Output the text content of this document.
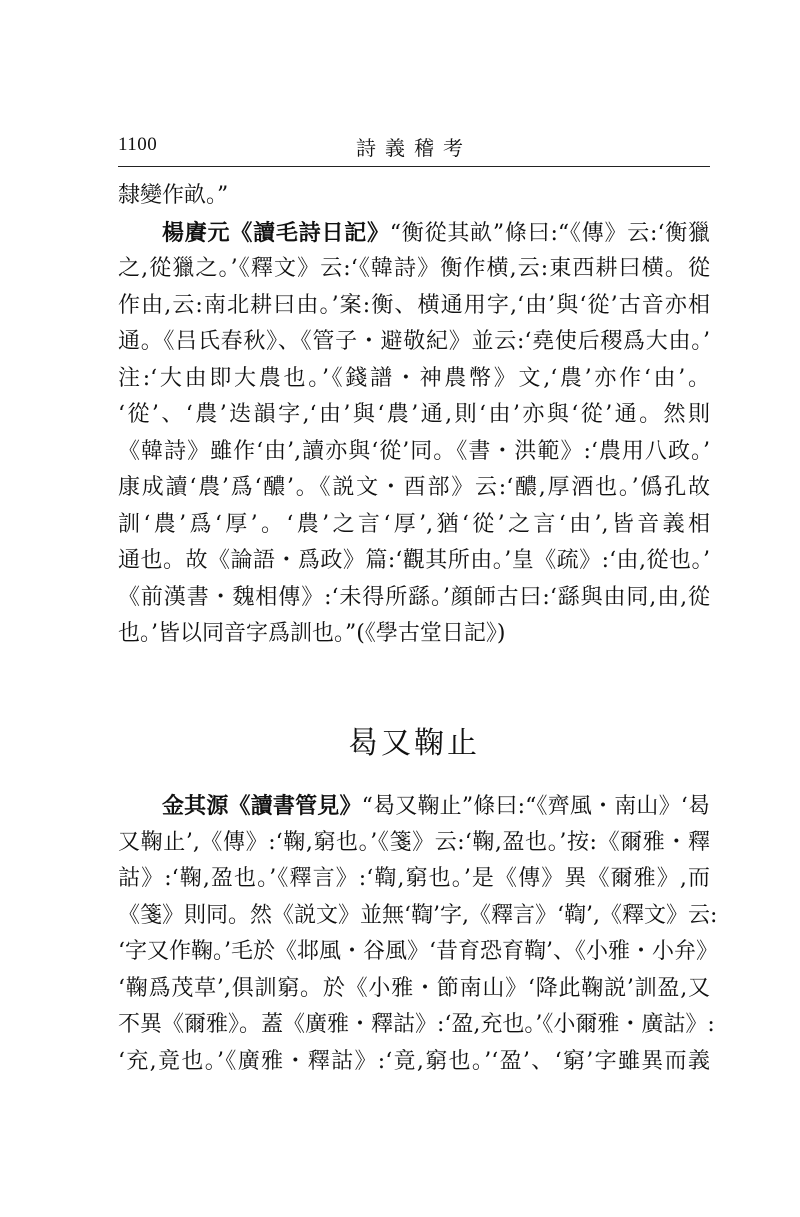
1100	詩義稽考
隸變作畝。”
楊賡元《讀毛詩日記》“衡從其畝”條曰:“《傳》云:‘衡獵
之,從獵之。’《釋文》云:‘《韓詩》衡作横,云:東西耕曰横。從
作由,云:南北耕曰由。’案:衡、横通用字,‘由’與‘從’古音亦相
通。《吕氏春秋》、《管子・避敬紀》並云:‘堯使后稷爲大由。’
注:‘大由即大農也。’《錢譜・神農幣》文,‘農’亦作‘由’。
‘從’、‘農’迭韻字,‘由’與‘農’通,則‘由’亦與‘從’通。然則
《韓詩》雖作‘由’,讀亦與‘從’同。《書・洪範》:‘農用八政。’
康成讀‘農’爲‘醲’。《説文・酉部》云:‘醲,厚酒也。’僞孔故
訓‘農’爲‘厚’。‘農’之言‘厚’,猶‘從’之言‘由’,皆音義相
通也。故《論語・爲政》篇:‘觀其所由。’皇《疏》:‘由,從也。’
《前漢書・魏相傳》:‘未得所繇。’顔師古曰:‘繇與由同,由,從
也。’皆以同音字爲訓也。”(《學古堂日記》)
曷又鞠止
金其源《讀書管見》“曷又鞠止”條曰:“《齊風・南山》‘曷
又鞠止’,《傳》:‘鞠,窮也。’《箋》云:‘鞠,盈也。’按:《爾雅・釋
詁》:‘鞠,盈也。’《釋言》:‘鞫,窮也。’是《傳》異《爾雅》,而
《箋》則同。然《説文》並無‘鞫’字,《釋言》‘鞫’,《釋文》云:
‘字又作鞠。’毛於《邶風・谷風》‘昔育恐育鞫’、《小雅・小弁》
‘鞠爲茂草’,俱訓窮。於《小雅・節南山》‘降此鞠説’訓盈,又
不異《爾雅》。蓋《廣雅・釋詁》:‘盈,充也。’《小爾雅・廣詁》:
‘充,竟也。’《廣雅・釋詁》:‘竟,窮也。’‘盈’、‘窮’字雖異而義
